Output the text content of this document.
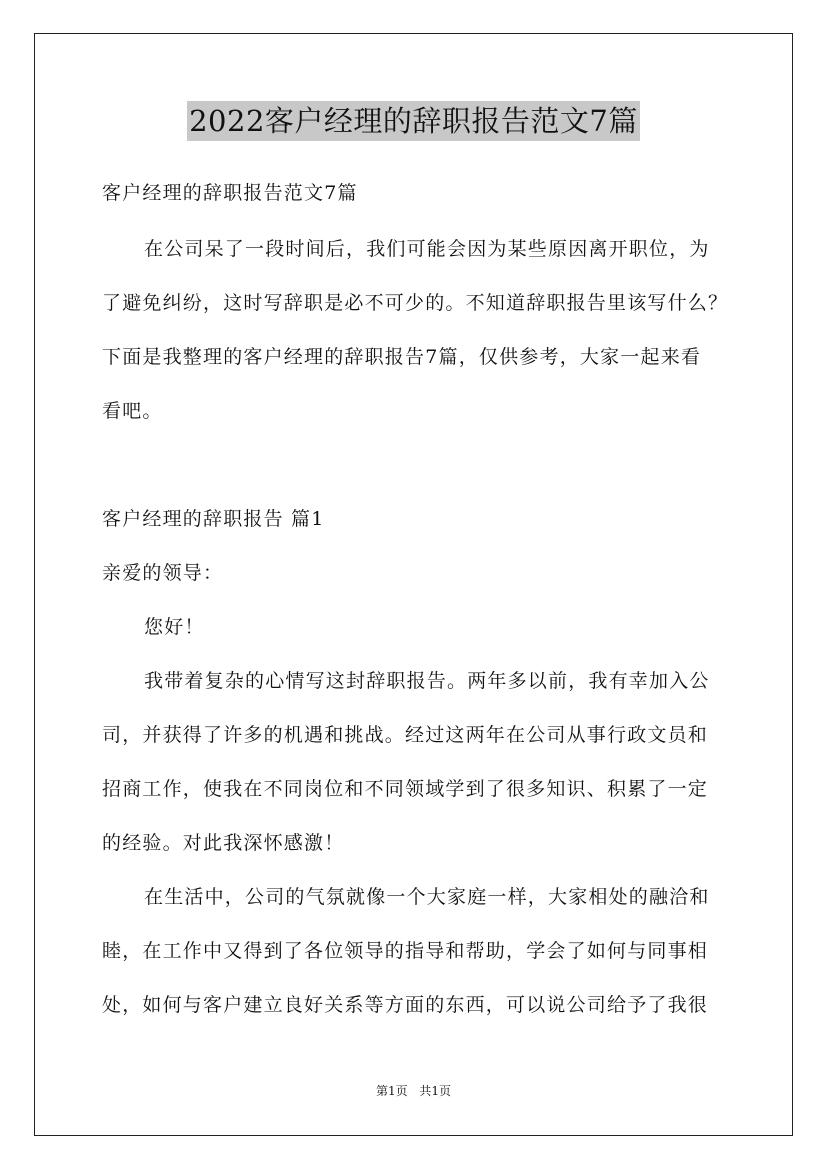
2022客户经理的辞职报告范文7篇
客户经理的辞职报告范文7篇
在公司呆了一段时间后，我们可能会因为某些原因离开职位，为
了避免纠纷，这时写辞职是必不可少的。不知道辞职报告里该写什么？
下面是我整理的客户经理的辞职报告7篇，仅供参考，大家一起来看
看吧。
客户经理的辞职报告 篇1
亲爱的领导：
您好！
我带着复杂的心情写这封辞职报告。两年多以前，我有幸加入公
司，并获得了许多的机遇和挑战。经过这两年在公司从事行政文员和
招商工作，使我在不同岗位和不同领域学到了很多知识、积累了一定
的经验。对此我深怀感激！
在生活中，公司的气氛就像一个大家庭一样，大家相处的融洽和
睦，在工作中又得到了各位领导的指导和帮助，学会了如何与同事相
处，如何与客户建立良好关系等方面的东西，可以说公司给予了我很
第1页 共1页
